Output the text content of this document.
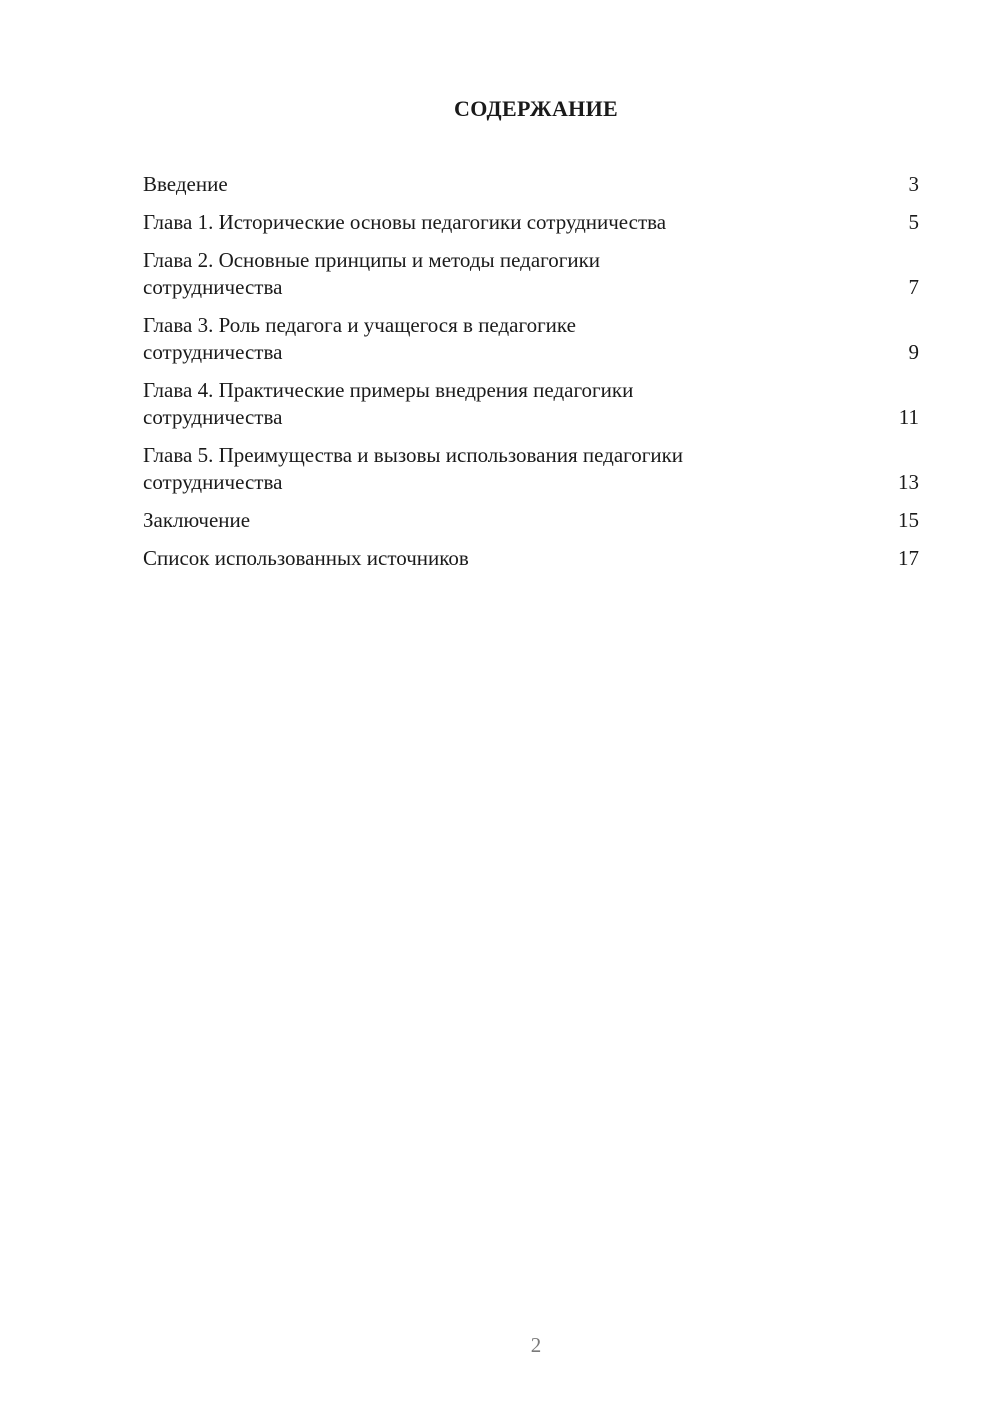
СОДЕРЖАНИЕ
Введение	3
Глава 1. Исторические основы педагогики сотрудничества	5
Глава 2. Основные принципы и методы педагогики
сотрудничества	7
Глава 3. Роль педагога и учащегося в педагогике
сотрудничества	9
Глава 4. Практические примеры внедрения педагогики
сотрудничества	11
Глава 5. Преимущества и вызовы использования педагогики
сотрудничества	13
Заключение	15
Список использованных источников	17
2
